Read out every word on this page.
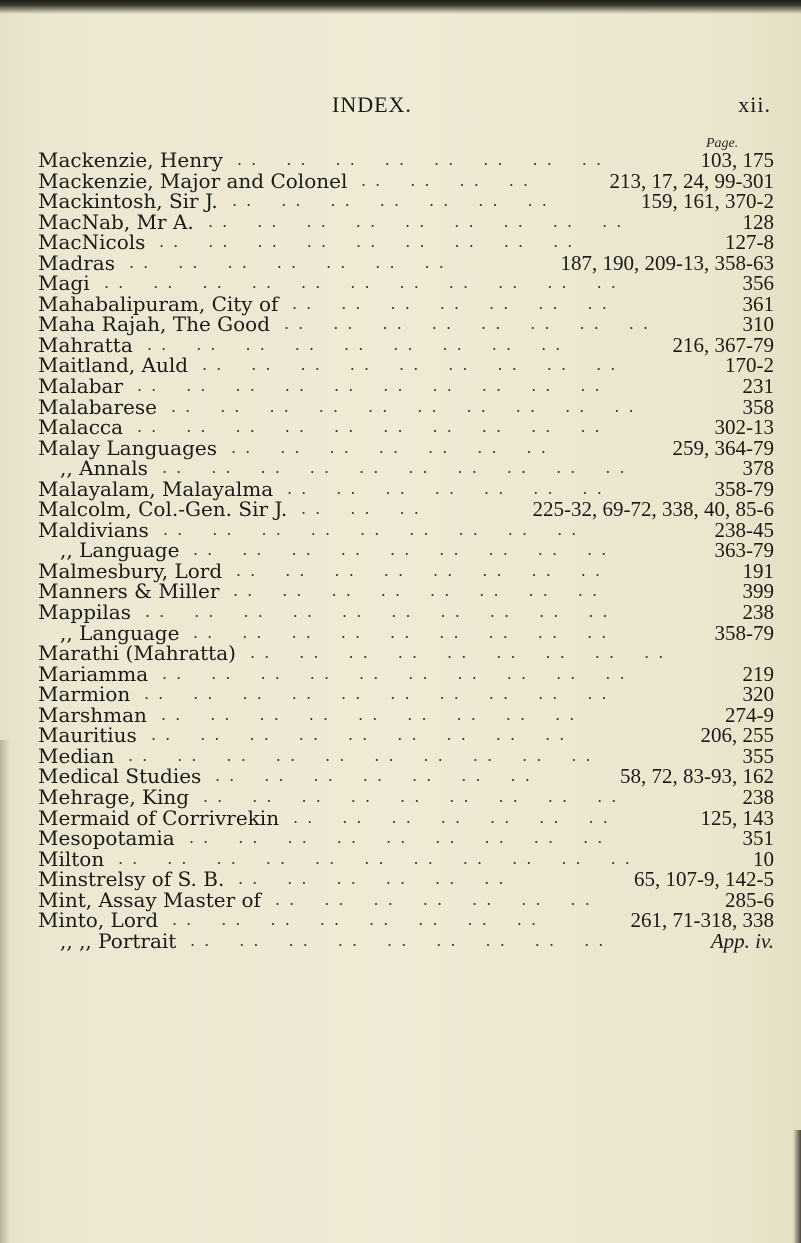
INDEX.	xii.
Page.
. .  . .  . .  . .  . .  . .  . .  . .  
Mackenzie, Henry	103, 175
. .  . .  . .  . .  
Mackenzie, Major and Colonel	213, 17, 24, 99-301
. .  . .  . .  . .  . .  . .  . .  
Mackintosh, Sir J.	159, 161, 370-2
. .  . .  . .  . .  . .  . .  . .  . .  . .  
MacNab, Mr A.	128
. .  . .  . .  . .  . .  . .  . .  . .  . .  
MacNicols	127-8
. .  . .  . .  . .  . .  . .  . .  
Madras	187, 190, 209-13, 358-63
. .  . .  . .  . .  . .  . .  . .  . .  . .  . .  . .  
Magi	356
. .  . .  . .  . .  . .  . .  . .  
Mahabalipuram, City of	361
. .  . .  . .  . .  . .  . .  . .  . .  
Maha Rajah, The Good	310
. .  . .  . .  . .  . .  . .  . .  . .  . .  
Mahratta	216, 367-79
. .  . .  . .  . .  . .  . .  . .  . .  . .  
Maitland, Auld	170-2
. .  . .  . .  . .  . .  . .  . .  . .  . .  . .  
Malabar	231
. .  . .  . .  . .  . .  . .  . .  . .  . .  . .  
Malabarese	358
. .  . .  . .  . .  . .  . .  . .  . .  . .  . .  
Malacca	302-13
. .  . .  . .  . .  . .  . .  . .  
Malay Languages	259, 364-79
. .  . .  . .  . .  . .  . .  . .  . .  . .  . .  
,, Annals	378
. .  . .  . .  . .  . .  . .  . .  
Malayalam, Malayalma	358-79
. .  . .  . .  
Malcolm, Col.-Gen. Sir J.	225-32, 69-72, 338, 40, 85-6
. .  . .  . .  . .  . .  . .  . .  . .  . .  
Maldivians	238-45
. .  . .  . .  . .  . .  . .  . .  . .  . .  
,, Language	363-79
. .  . .  . .  . .  . .  . .  . .  . .  
Malmesbury, Lord	191
. .  . .  . .  . .  . .  . .  . .  . .  
Manners & Miller	399
. .  . .  . .  . .  . .  . .  . .  . .  . .  . .  
Mappilas	238
. .  . .  . .  . .  . .  . .  . .  . .  . .  
,, Language	358-79
. .  . .  . .  . .  . .  . .  . .  . .  . .  
Marathi (Mahratta)
. .  . .  . .  . .  . .  . .  . .  . .  . .  . .  
Mariamma	219
. .  . .  . .  . .  . .  . .  . .  . .  . .  . .  
Marmion	320
. .  . .  . .  . .  . .  . .  . .  . .  . .  
Marshman	274-9
. .  . .  . .  . .  . .  . .  . .  . .  . .  
Mauritius	206, 255
. .  . .  . .  . .  . .  . .  . .  . .  . .  . .  
Median	355
. .  . .  . .  . .  . .  . .  . .  
Medical Studies	58, 72, 83-93, 162
. .  . .  . .  . .  . .  . .  . .  . .  . .  
Mehrage, King	238
. .  . .  . .  . .  . .  . .  . .  
Mermaid of Corrivrekin	125, 143
. .  . .  . .  . .  . .  . .  . .  . .  . .  
Mesopotamia	351
. .  . .  . .  . .  . .  . .  . .  . .  . .  . .  . .  
Milton	10
. .  . .  . .  . .  . .  . .  
Minstrelsy of S. B.	65, 107-9, 142-5
. .  . .  . .  . .  . .  . .  . .  
Mint, Assay Master of	285-6
. .  . .  . .  . .  . .  . .  . .  . .  
Minto, Lord	261, 71-318, 338
. .  . .  . .  . .  . .  . .  . .  . .  . .  
,, ,, Portrait	App. iv.
